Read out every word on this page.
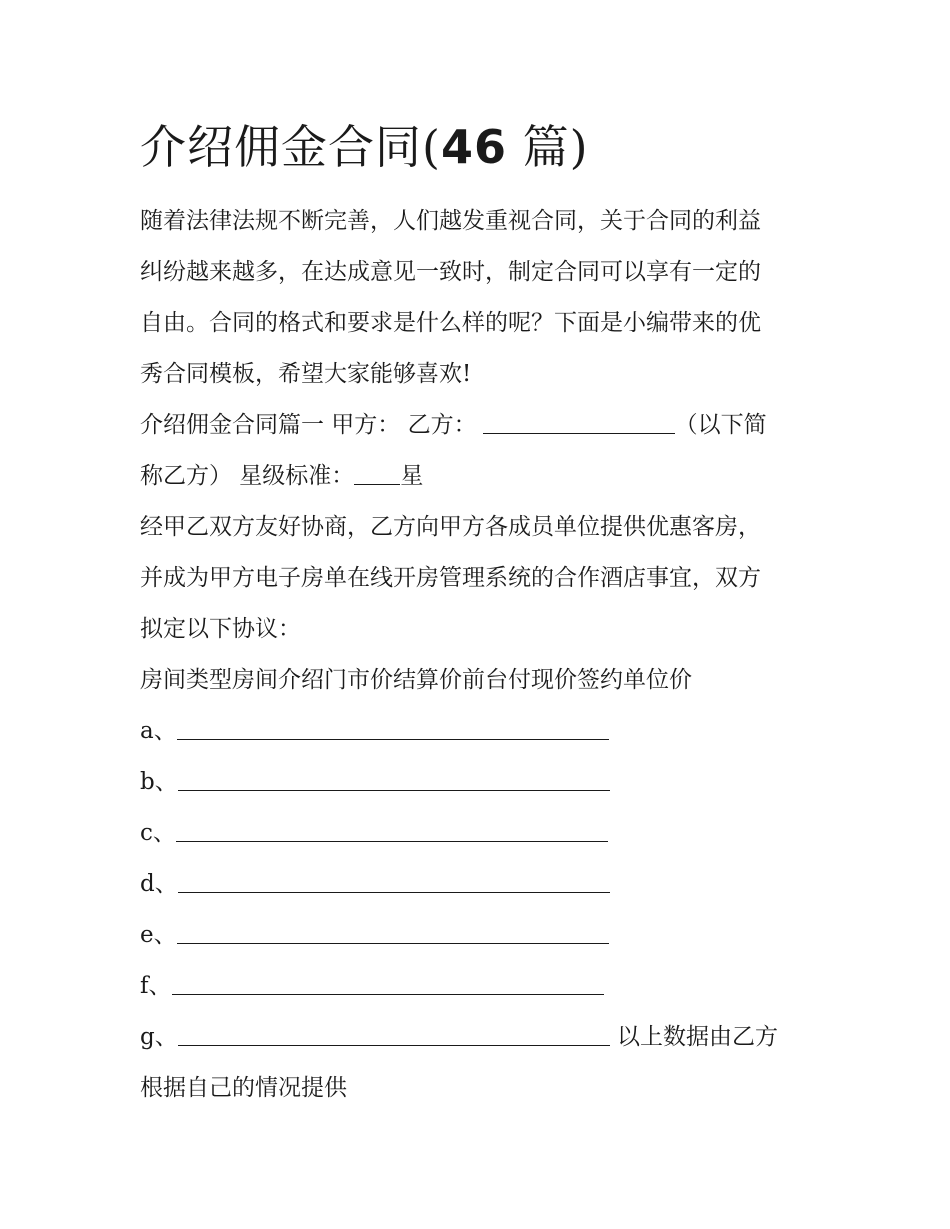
介绍佣金合同(46 篇)
随着法律法规不断完善，人们越发重视合同，关于合同的利益
纠纷越来越多，在达成意见一致时，制定合同可以享有一定的
自由。合同的格式和要求是什么样的呢？下面是小编带来的优
秀合同模板，希望大家能够喜欢!
介绍佣金合同篇一 甲方： 乙方：	（以下简
称乙方） 星级标准： 星
经甲乙双方友好协商，乙方向甲方各成员单位提供优惠客房，
并成为甲方电子房单在线开房管理系统的合作酒店事宜，双方
拟定以下协议：
房间类型房间介绍门市价结算价前台付现价签约单位价
a、
b、
c、
d、
e、
f、
g、	以上数据由乙方
根据自己的情况提供
